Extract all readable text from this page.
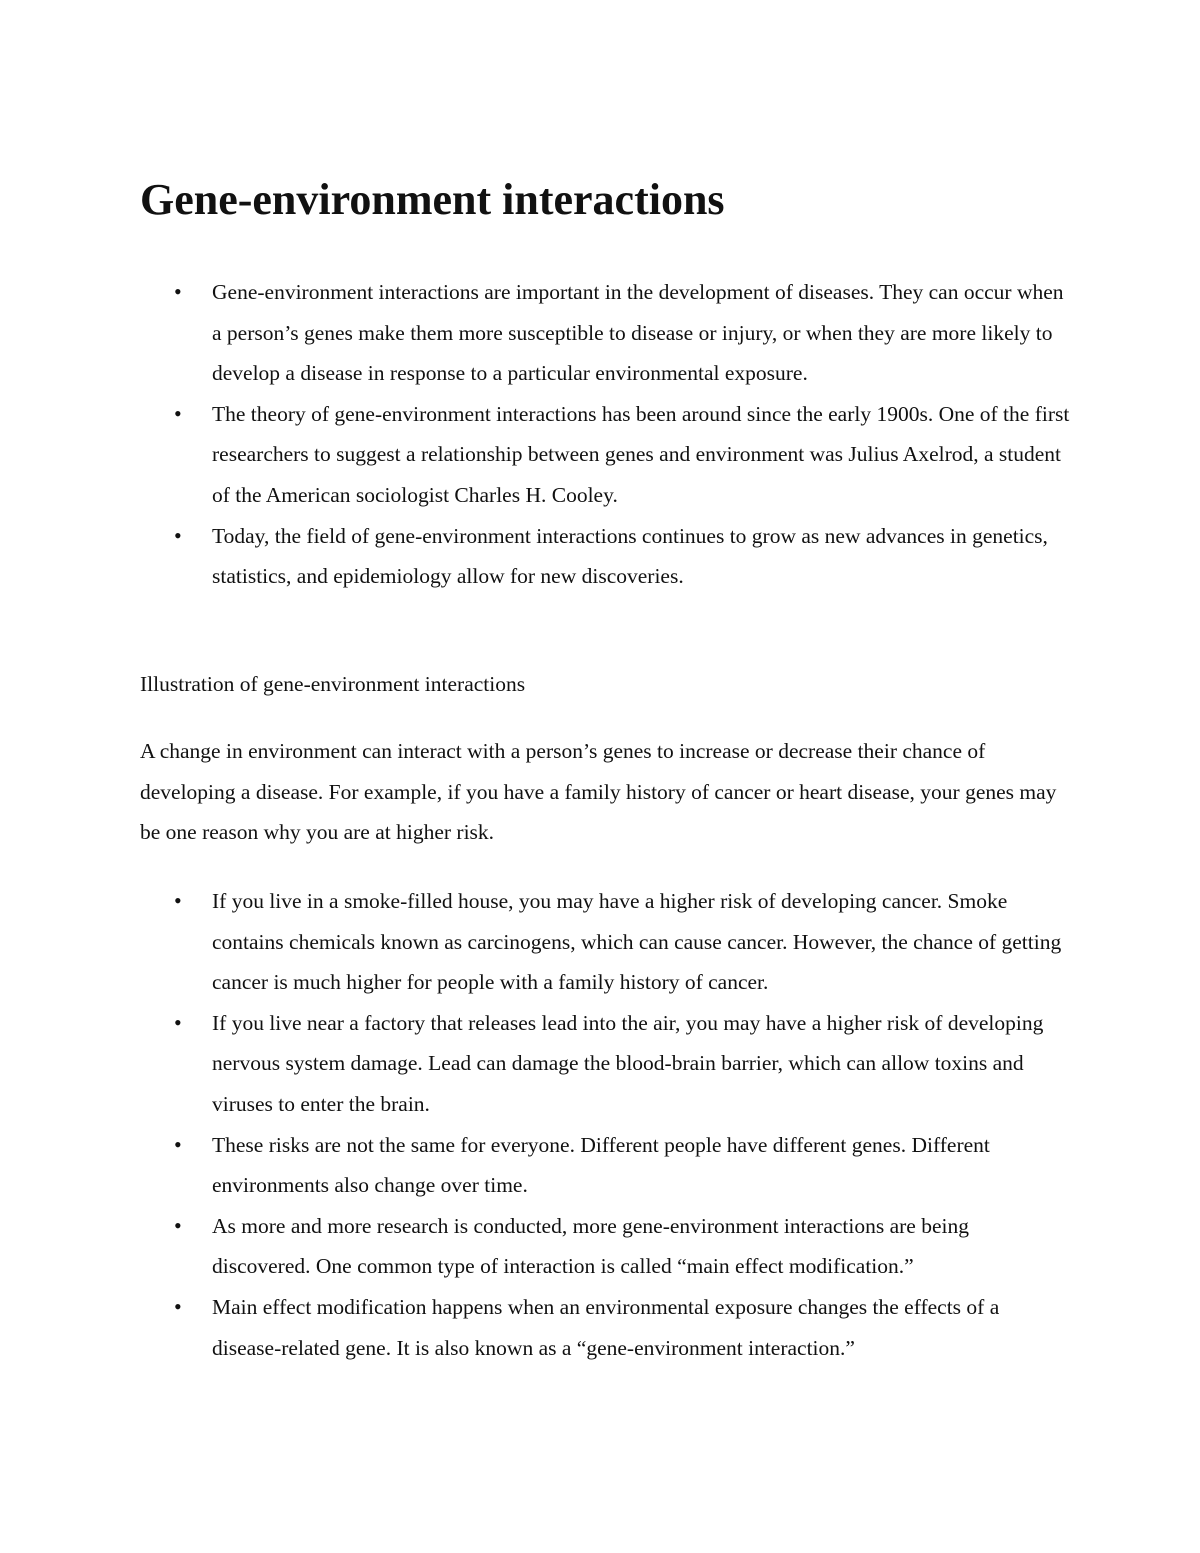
Gene-environment interactions
• Gene-environment interactions are important in the development of diseases. They can occur when a person’s genes make them more susceptible to disease or injury, or when they are more likely to develop a disease in response to a particular environmental exposure.
• The theory of gene-environment interactions has been around since the early 1900s. One of the first researchers to suggest a relationship between genes and environment was Julius Axelrod, a student of the American sociologist Charles H. Cooley.
• Today, the field of gene-environment interactions continues to grow as new advances in genetics, statistics, and epidemiology allow for new discoveries.

Illustration of gene-environment interactions

A change in environment can interact with a person’s genes to increase or decrease their chance of developing a disease. For example, if you have a family history of cancer or heart disease, your genes may be one reason why you are at higher risk.

• If you live in a smoke-filled house, you may have a higher risk of developing cancer. Smoke contains chemicals known as carcinogens, which can cause cancer. However, the chance of getting cancer is much higher for people with a family history of cancer.
• If you live near a factory that releases lead into the air, you may have a higher risk of developing nervous system damage. Lead can damage the blood-brain barrier, which can allow toxins and viruses to enter the brain.
• These risks are not the same for everyone. Different people have different genes. Different environments also change over time.
• As more and more research is conducted, more gene-environment interactions are being discovered. One common type of interaction is called “main effect modification.”
• Main effect modification happens when an environmental exposure changes the effects of a disease-related gene. It is also known as a “gene-environment interaction.”
